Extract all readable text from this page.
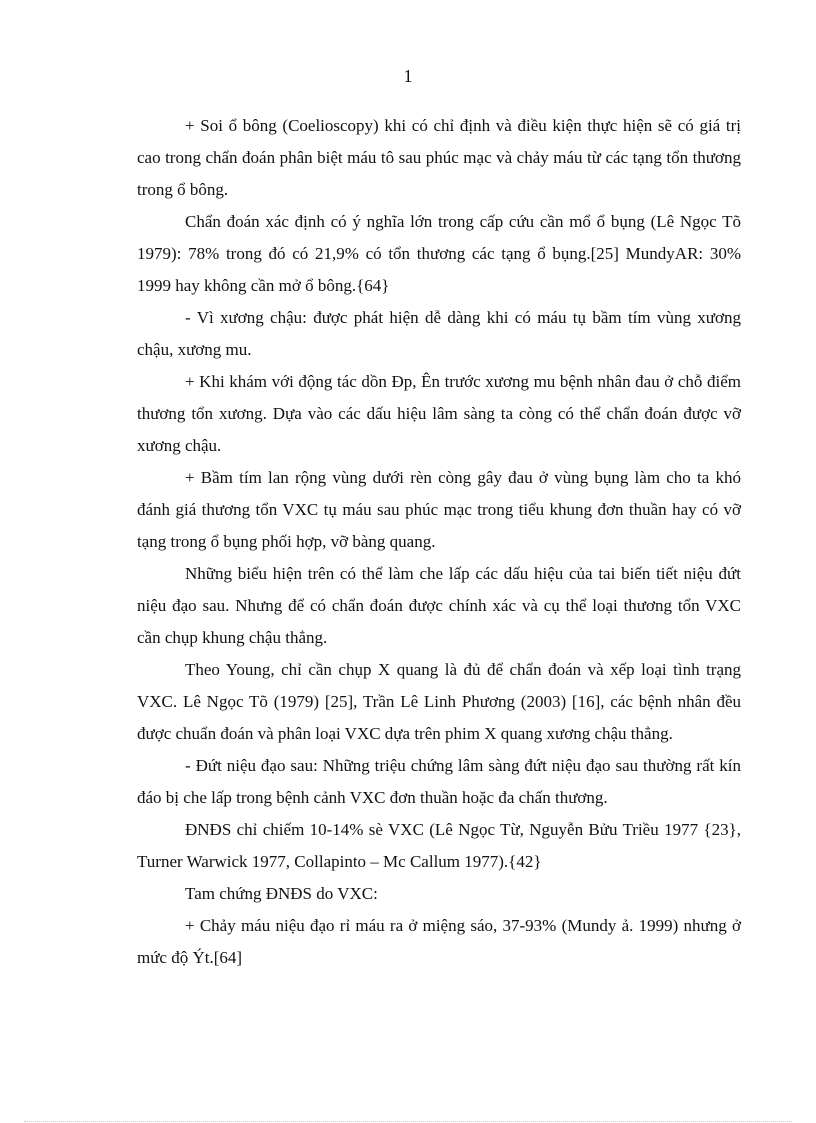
1

+ Soi ổ bông (Coelioscopy) khi có chỉ định và điều kiện thực hiện sẽ có giá trị cao trong chẩn đoán phân biệt máu tô sau phúc mạc và chảy máu từ các tạng tổn thương trong ổ bông.

Chẩn đoán xác định có ý nghĩa lớn trong cấp cứu cần mổ ổ bụng (Lê Ngọc Tõ 1979): 78% trong đó có 21,9% có tổn thương các tạng ổ bụng.[25] MundyAR: 30% 1999 hay không cần mở ổ bông.{64}

- Vì xương chậu: được phát hiện dễ dàng khi có máu tụ bầm tím vùng xương chậu, xương mu.

+ Khi khám với động tác dồn Đp, Ên trước xương mu bệnh nhân đau ở chỗ điểm thương tổn xương. Dựa vào các dấu hiệu lâm sàng ta còng có thể chẩn đoán được vỡ xương chậu.

+ Bầm tím lan rộng vùng dưới rèn còng gây đau ở vùng bụng làm cho ta khó đánh giá thương tổn VXC tụ máu sau phúc mạc trong tiểu khung đơn thuần hay có vỡ tạng trong ổ bụng phối hợp, vỡ bàng quang.

Những biểu hiện trên có thể làm che lấp các dấu hiệu của tai biến tiết niệu đứt niệu đạo sau. Nhưng để có chẩn đoán được chính xác và cụ thể loại thương tổn VXC cần chụp khung chậu thẳng.

Theo Young, chỉ cần chụp X quang là đủ để chẩn đoán và xếp loại tình trạng VXC. Lê Ngọc Tõ (1979) [25], Trần Lê Linh Phương (2003) [16], các bệnh nhân đều được chuẩn đoán và phân loại VXC dựa trên phim X quang xương chậu thẳng.

- Đứt niệu đạo sau: Những triệu chứng lâm sàng đứt niệu đạo sau thường rất kín đáo bị che lấp trong bệnh cảnh VXC đơn thuần hoặc đa chấn thương.

ĐNĐS chỉ chiếm 10-14% sè VXC (Lê Ngọc Từ, Nguyễn Bửu Triều 1977 {23}, Turner Warwick 1977, Collapinto – Mc Callum 1977).{42}

Tam chứng ĐNĐS do VXC:

+ Chảy máu niệu đạo rỉ máu ra ở miệng sáo, 37-93% (Mundy ả. 1999) nhưng ở mức độ Ýt.[64]
